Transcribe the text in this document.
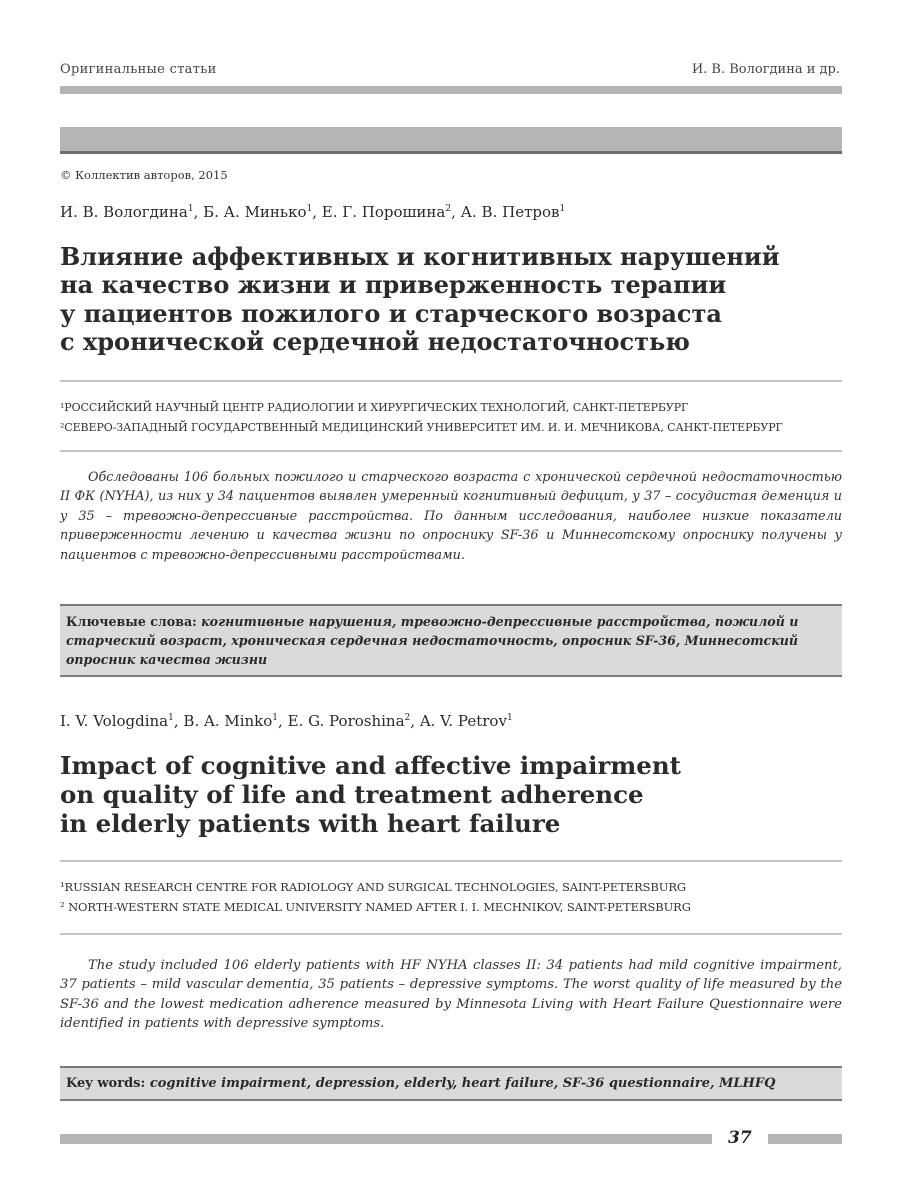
Оригинальные статьи	И. В. Вологдина и др.
© Коллектив авторов, 2015
И. В. Вологдина$^1$, Б. А. Минько$^1$, Е. Г. Порошина$^2$, А. В. Петров$^1$
Влияние аффективных и когнитивных нарушений
на качество жизни и приверженность терапии
у пациентов пожилого и старческого возраста
с хронической сердечной недостаточностью
¹РОССИЙСКИЙ НАУЧНЫЙ ЦЕНТР РАДИОЛОГИИ И ХИРУРГИЧЕСКИХ ТЕХНОЛОГИЙ, САНКТ-ПЕТЕРБУРГ
²СЕВЕРО-ЗАПАДНЫЙ ГОСУДАРСТВЕННЫЙ МЕДИЦИНСКИЙ УНИВЕРСИТЕТ ИМ. И. И. МЕЧНИКОВА, САНКТ-ПЕТЕРБУРГ
Обследованы 106 больных пожилого и старческого возраста с хронической сердечной недостаточностью II ФК (NYHA), из них у 34 пациентов выявлен умеренный когнитивный дефицит, у 37 – сосудистая деменция и у 35 – тревожно-депрессивные расстройства. По данным исследования, наиболее низкие показатели приверженности лечению и качества жизни по опроснику SF-36 и Миннесотскому опроснику получены у пациентов с тревожно-депрессивными расстройствами.
Ключевые слова: когнитивные нарушения, тревожно-депрессивные расстройства, пожилой и старческий возраст, хроническая сердечная недостаточность, опросник SF-36, Миннесотский опросник качества жизни
I. V. Vologdina$^1$, B. A. Minko$^1$, E. G. Poroshina$^2$, A. V. Petrov$^1$
Impact of cognitive and affective impairment
on quality of life and treatment adherence
in elderly patients with heart failure
¹RUSSIAN RESEARCH CENTRE FOR RADIOLOGY AND SURGICAL TECHNOLOGIES, SAINT-PETERSBURG
² NORTH-WESTERN STATE MEDICAL UNIVERSITY NAMED AFTER I. I. MECHNIKOV, SAINT-PETERSBURG
The study included 106 elderly patients with HF NYHA classes II: 34 patients had mild cognitive impairment, 37 patients – mild vascular dementia, 35 patients – depressive symptoms. The worst quality of life measured by the SF-36 and the lowest medication adherence measured by Minnesota Living with Heart Failure Questionnaire were identified in patients with depressive symptoms.
Key words: cognitive impairment, depression, elderly, heart failure, SF-36 questionnaire, MLHFQ
37
